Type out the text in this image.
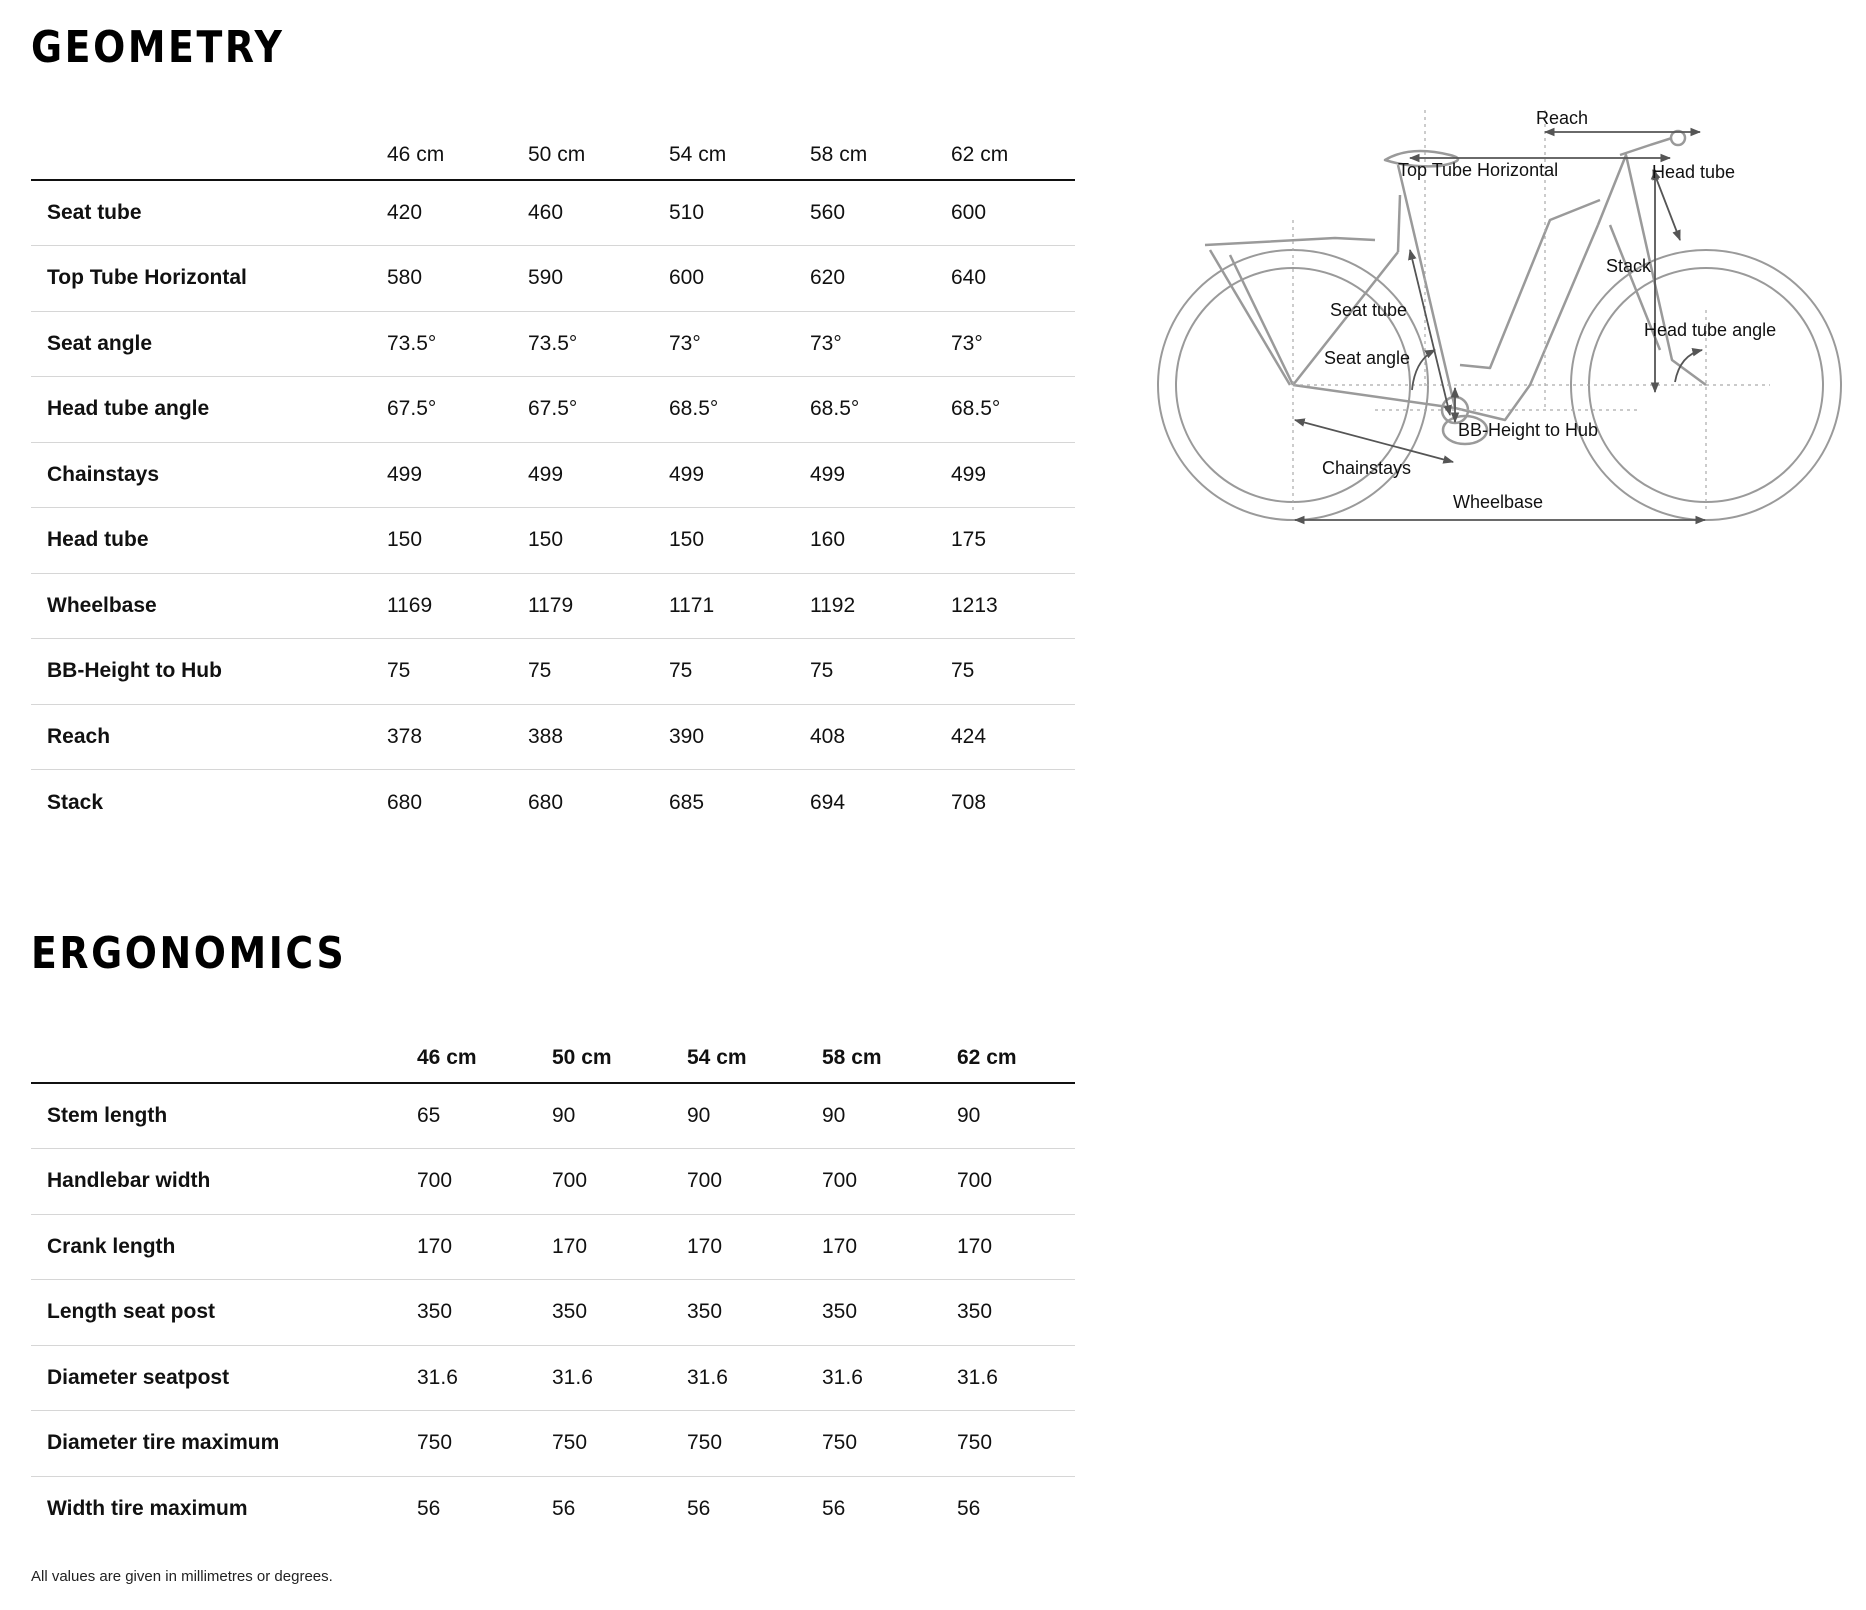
GEOMETRY
	46 cm	50 cm	54 cm	58 cm	62 cm
Seat tube	420	460	510	560	600
Top Tube Horizontal	580	590	600	620	640
Seat angle	73.5°	73.5°	73°	73°	73°
Head tube angle	67.5°	67.5°	68.5°	68.5°	68.5°
Chainstays	499	499	499	499	499
Head tube	150	150	150	160	175
Wheelbase	1169	1179	1171	1192	1213
BB-Height to Hub	75	75	75	75	75
Reach	378	388	390	408	424
Stack	680	680	685	694	708
Reach
Top Tube Horizontal	Head tube
Stack
Seat tube
Seat angle
Head tube angle
BB-Height to Hub
Chainstays
Wheelbase
ERGONOMICS
	46 cm	50 cm	54 cm	58 cm	62 cm
Stem length	65	90	90	90	90
Handlebar width	700	700	700	700	700
Crank length	170	170	170	170	170
Length seat post	350	350	350	350	350
Diameter seatpost	31.6	31.6	31.6	31.6	31.6
Diameter tire maximum	750	750	750	750	750
Width tire maximum	56	56	56	56	56
All values are given in millimetres or degrees.
